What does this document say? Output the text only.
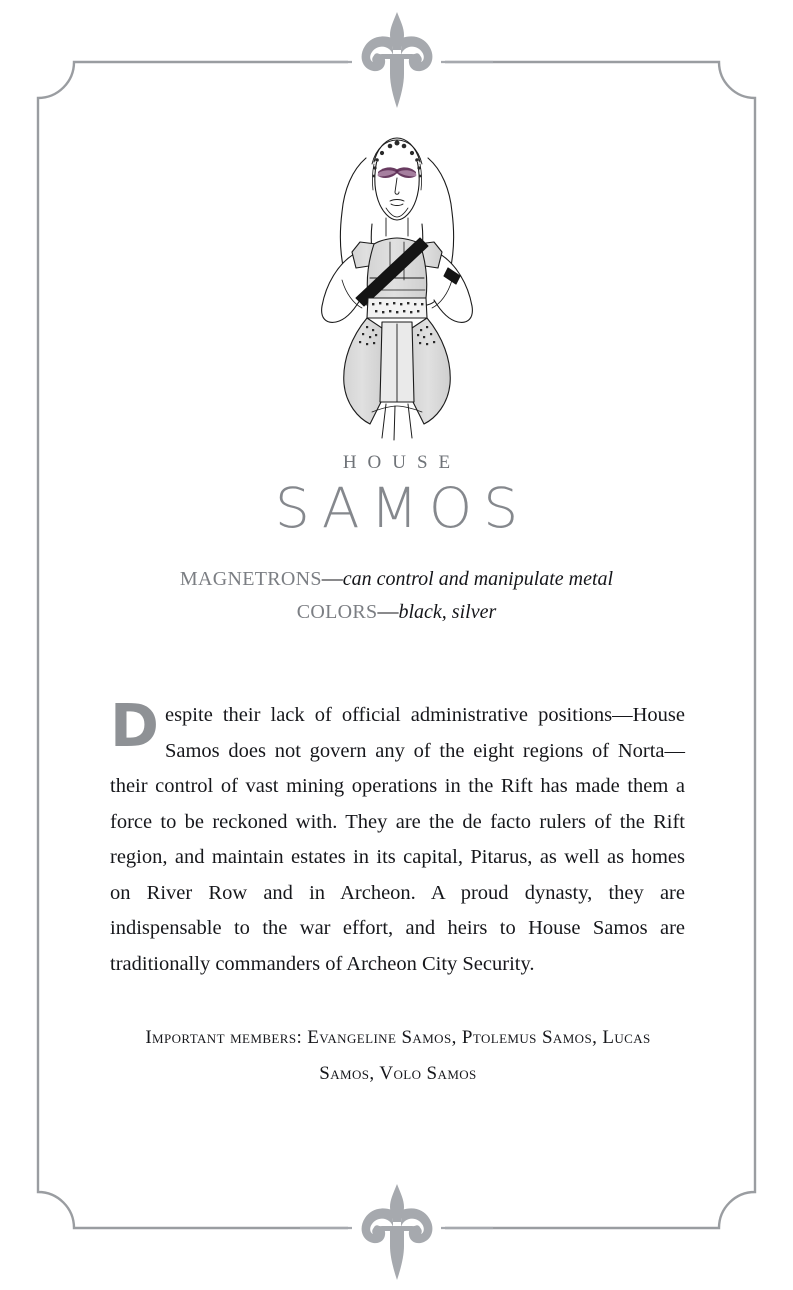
HOUSE
SAMOS
MAGNETRONS—can control and manipulate metal
COLORS—black, silver

Despite their lack of official administrative positions—House Samos does not govern any of the eight regions of Norta—their control of vast mining operations in the Rift has made them a force to be reckoned with. They are the de facto rulers of the Rift region, and maintain estates in its capital, Pitarus, as well as homes on River Row and in Archeon. A proud dynasty, they are indispensable to the war effort, and heirs to House Samos are traditionally commanders of Archeon City Security.

Important members: Evangeline Samos, Ptolemus Samos, Lucas Samos, Volo Samos
